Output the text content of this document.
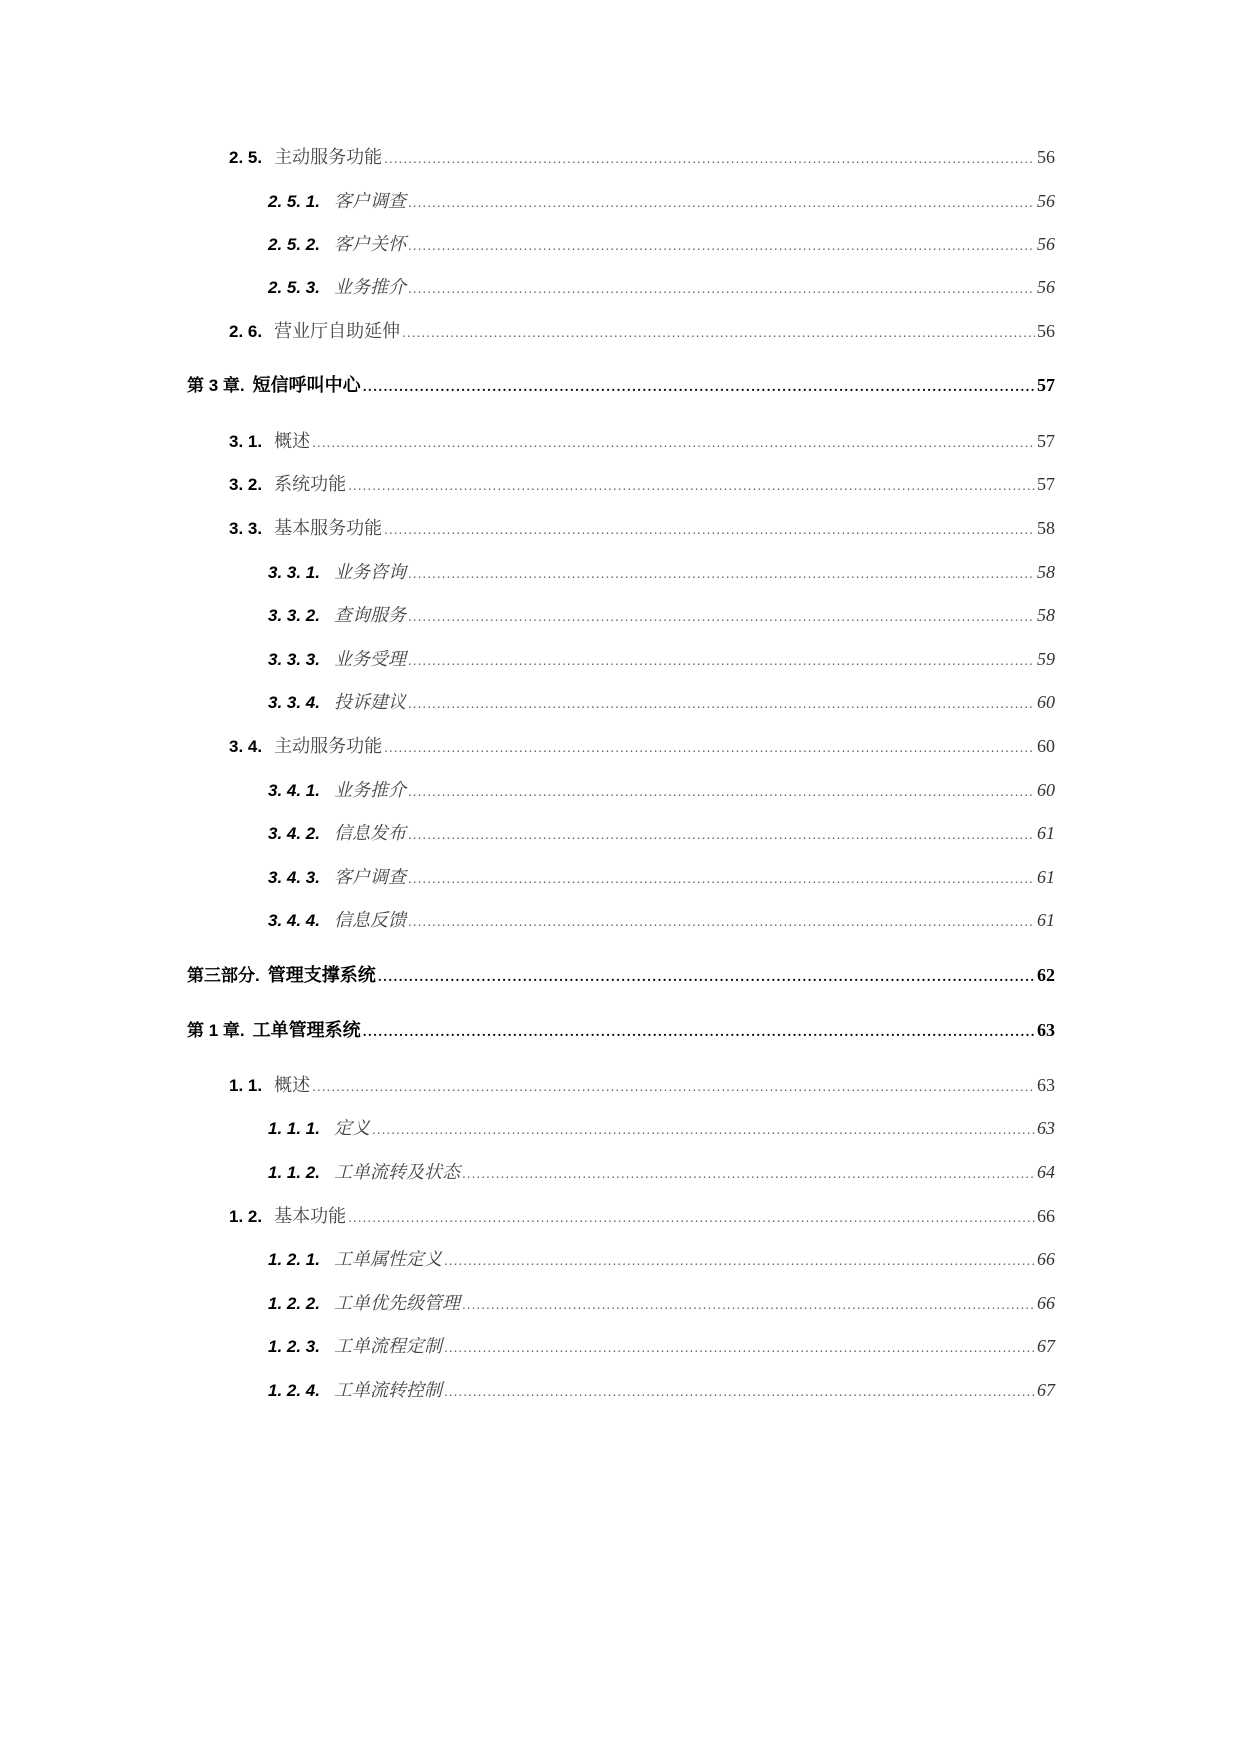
2. 5. 主动服务功能 .....	56
2. 5. 1. 客户调查 .....	56
2. 5. 2. 客户关怀 .....	56
2. 5. 3. 业务推介 .....	56
2. 6. 营业厅自助延伸 .....	56
第 3 章. 短信呼叫中心 .....	57
3. 1. 概述 .....	57
3. 2. 系统功能 .....	57
3. 3. 基本服务功能 .....	58
3. 3. 1. 业务咨询 .....	58
3. 3. 2. 查询服务 .....	58
3. 3. 3. 业务受理 .....	59
3. 3. 4. 投诉建议 .....	60
3. 4. 主动服务功能 .....	60
3. 4. 1. 业务推介 .....	60
3. 4. 2. 信息发布 .....	61
3. 4. 3. 客户调查 .....	61
3. 4. 4. 信息反馈 .....	61
第三部分. 管理支撑系统 .....	62
第 1 章. 工单管理系统 .....	63
1. 1. 概述 .....	63
1. 1. 1. 定义 .....	63
1. 1. 2. 工单流转及状态 .....	64
1. 2. 基本功能 .....	66
1. 2. 1. 工单属性定义 .....	66
1. 2. 2. 工单优先级管理 .....	66
1. 2. 3. 工单流程定制 .....	67
1. 2. 4. 工单流转控制 .....	67
